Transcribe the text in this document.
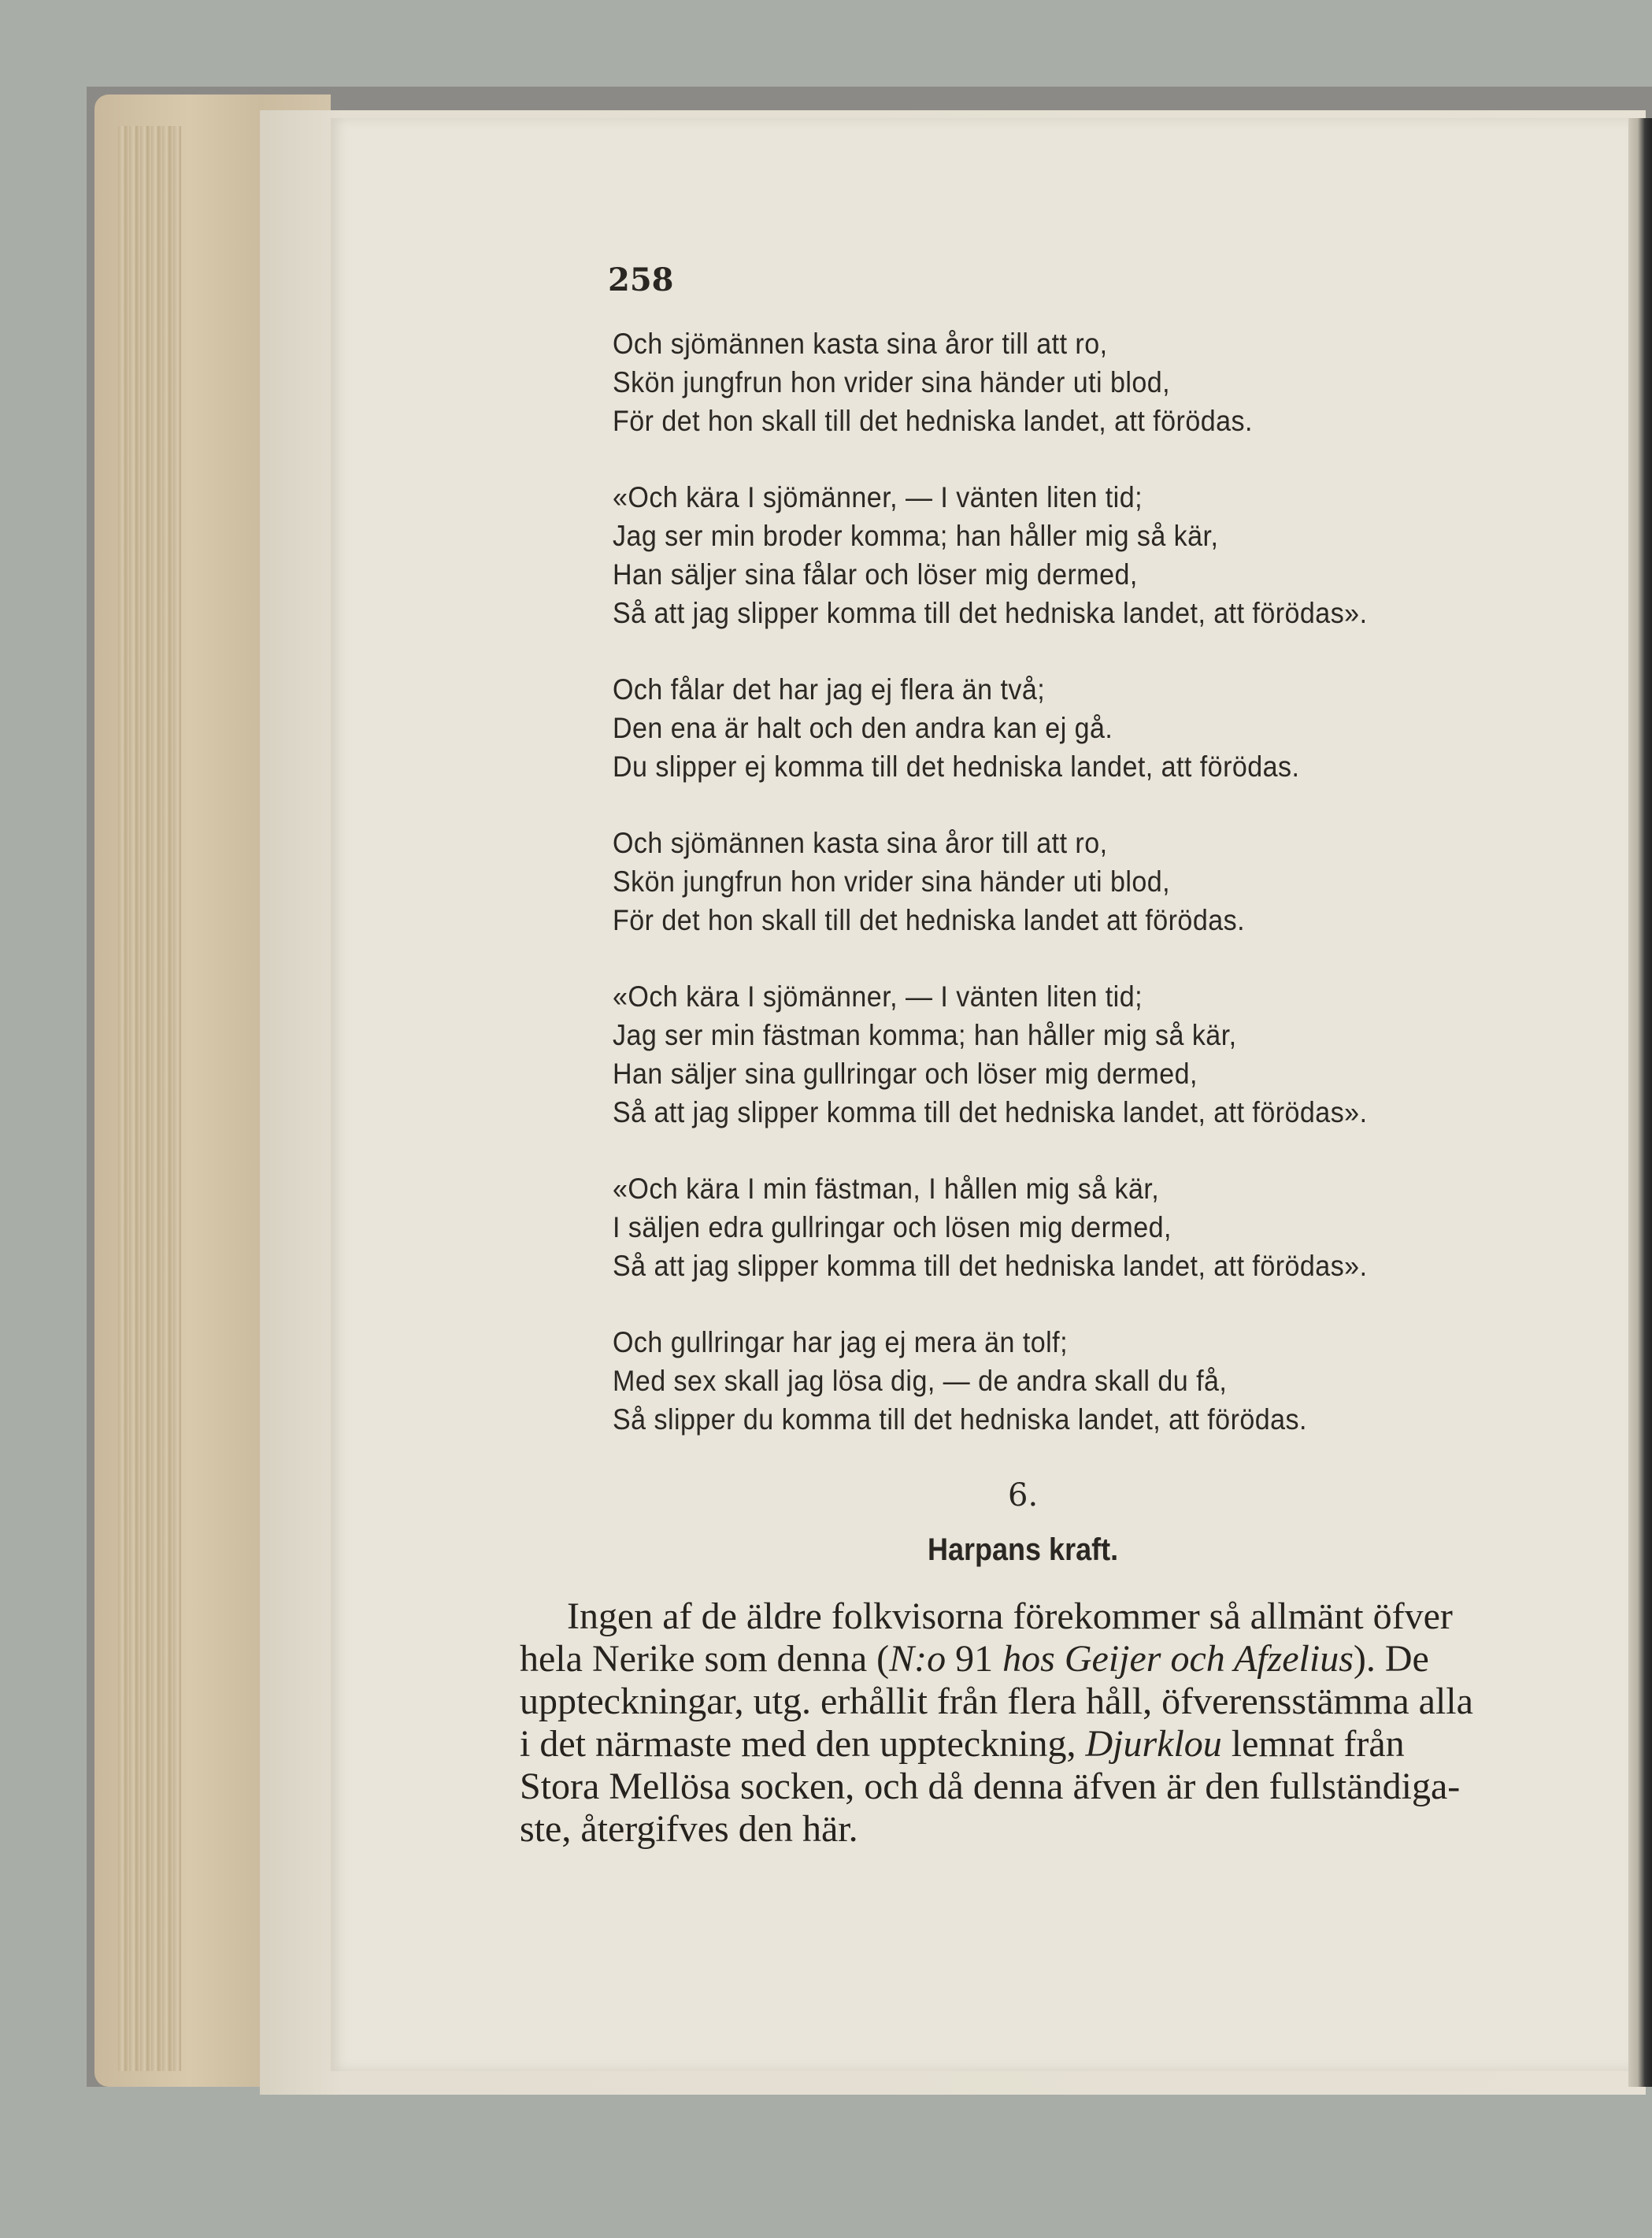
258
Och sjömännen kasta sina åror till att ro,
Skön jungfrun hon vrider sina händer uti blod,
För det hon skall till det hedniska landet, att förödas.
«Och kära I sjömänner, — I vänten liten tid;
Jag ser min broder komma; han håller mig så kär,
Han säljer sina fålar och löser mig dermed,
Så att jag slipper komma till det hedniska landet, att förödas».
Och fålar det har jag ej flera än två;
Den ena är halt och den andra kan ej gå.
Du slipper ej komma till det hedniska landet, att förödas.
Och sjömännen kasta sina åror till att ro,
Skön jungfrun hon vrider sina händer uti blod,
För det hon skall till det hedniska landet att förödas.
«Och kära I sjömänner, — I vänten liten tid;
Jag ser min fästman komma; han håller mig så kär,
Han säljer sina gullringar och löser mig dermed,
Så att jag slipper komma till det hedniska landet, att förödas».
«Och kära I min fästman, I hållen mig så kär,
I säljen edra gullringar och lösen mig dermed,
Så att jag slipper komma till det hedniska landet, att förödas».
Och gullringar har jag ej mera än tolf;
Med sex skall jag lösa dig, — de andra skall du få,
Så slipper du komma till det hedniska landet, att förödas.
6.
Harpans kraft.
Ingen af de äldre folkvisorna förekommer så allmänt öfver
hela Nerike som denna (N:o 91 hos Geijer och Afzelius). De
uppteckningar, utg. erhållit från flera håll, öfverensstämma alla
i det närmaste med den uppteckning, Djurklou lemnat från
Stora Mellösa socken, och då denna äfven är den fullständiga-
ste, återgifves den här.
